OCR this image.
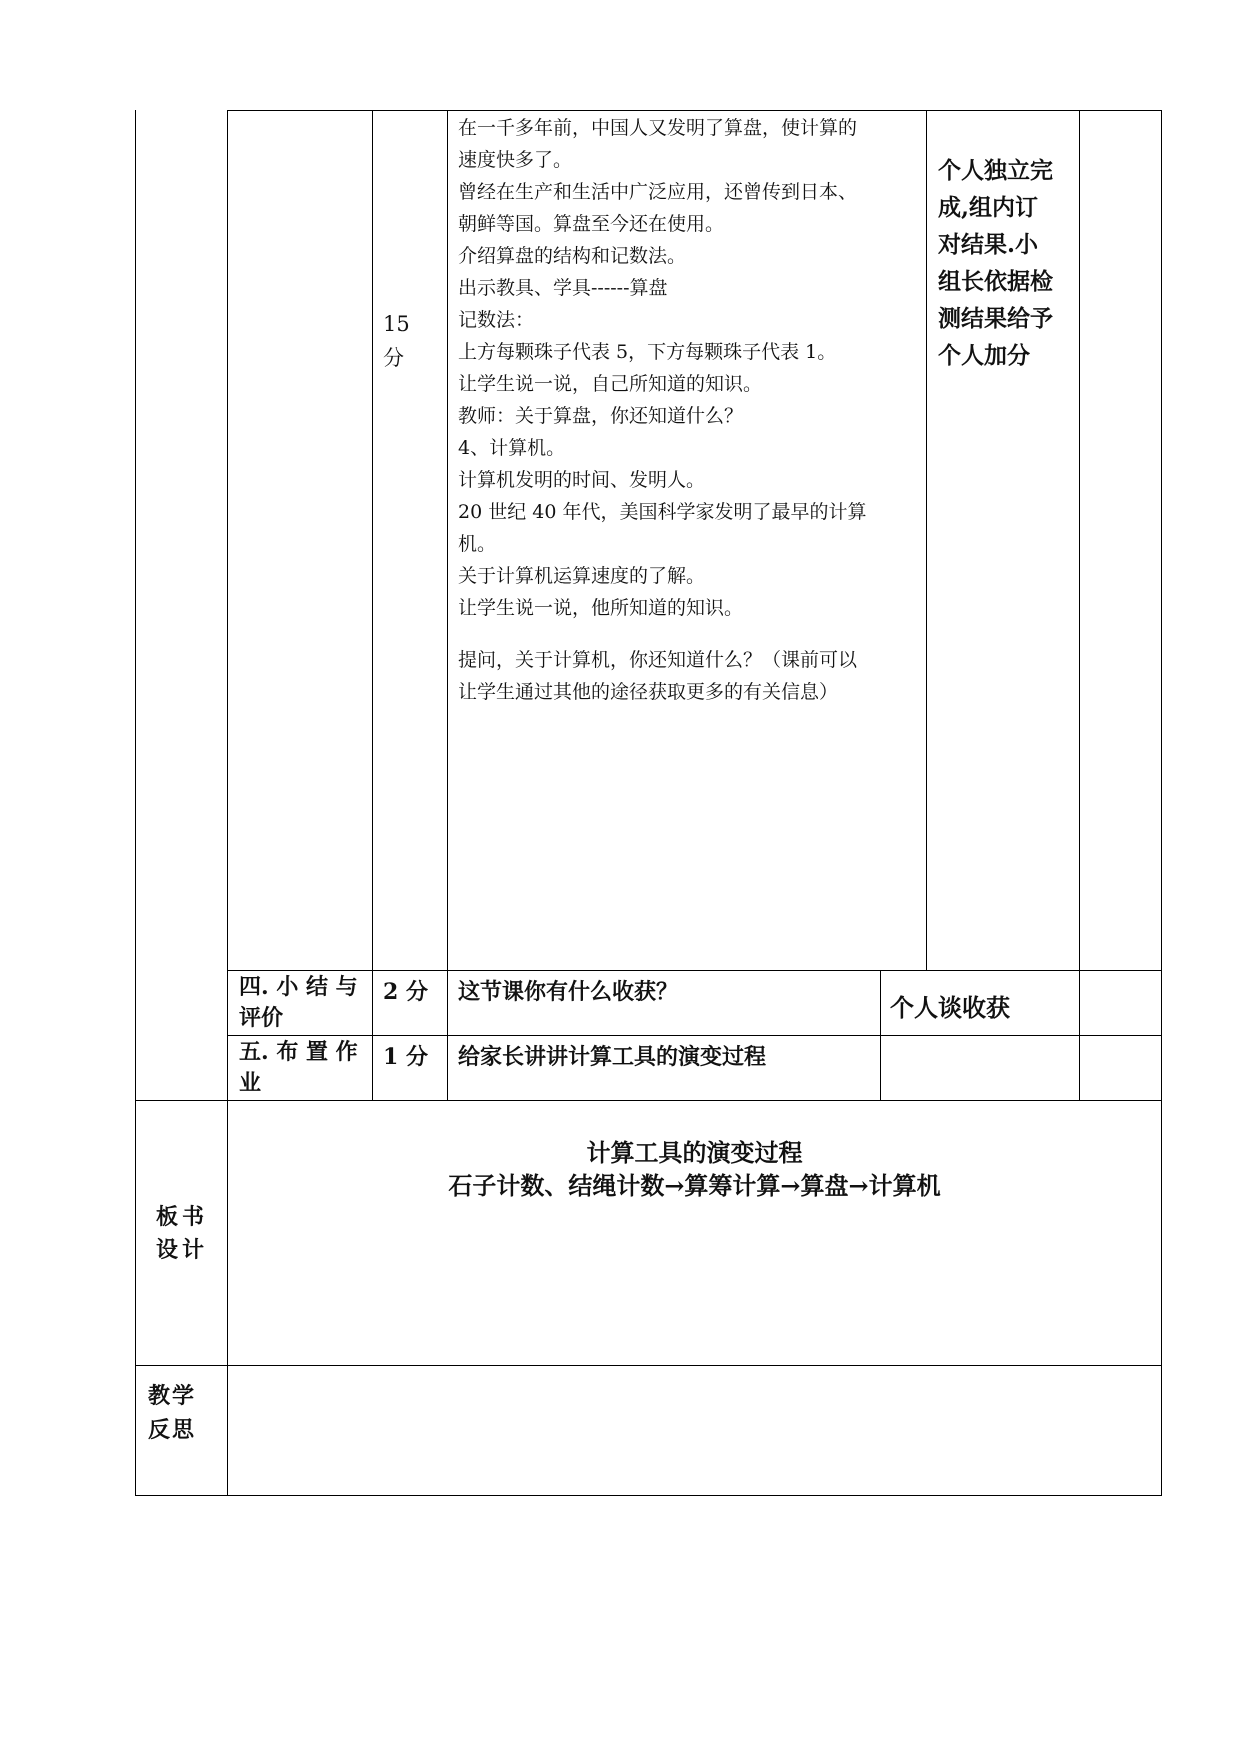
15
分
在一千多年前，中国人又发明了算盘，使计算的
速度快多了。
曾经在生产和生活中广泛应用，还曾传到日本、
朝鲜等国。算盘至今还在使用。
介绍算盘的结构和记数法。
出示教具、学具------算盘
记数法：
上方每颗珠子代表 5，下方每颗珠子代表 1。
让学生说一说，自己所知道的知识。
教师：关于算盘，你还知道什么？
4、计算机。
计算机发明的时间、发明人。
20 世纪 40 年代，美国科学家发明了最早的计算
机。
关于计算机运算速度的了解。
让学生说一说，他所知道的知识。
提问，关于计算机，你还知道什么？（课前可以
让学生通过其他的途径获取更多的有关信息）
个人独立完
成,组内订
对结果.小
组长依据检
测结果给予
个人加分
四. 小 结 与
评价
2 分 这节课你有什么收获？
个人谈收获
五. 布 置 作
业
1 分 给家长讲讲计算工具的演变过程
板书
设计
计算工具的演变过程
石子计数、结绳计数→算筹计算→算盘→计算机
教学
反思
